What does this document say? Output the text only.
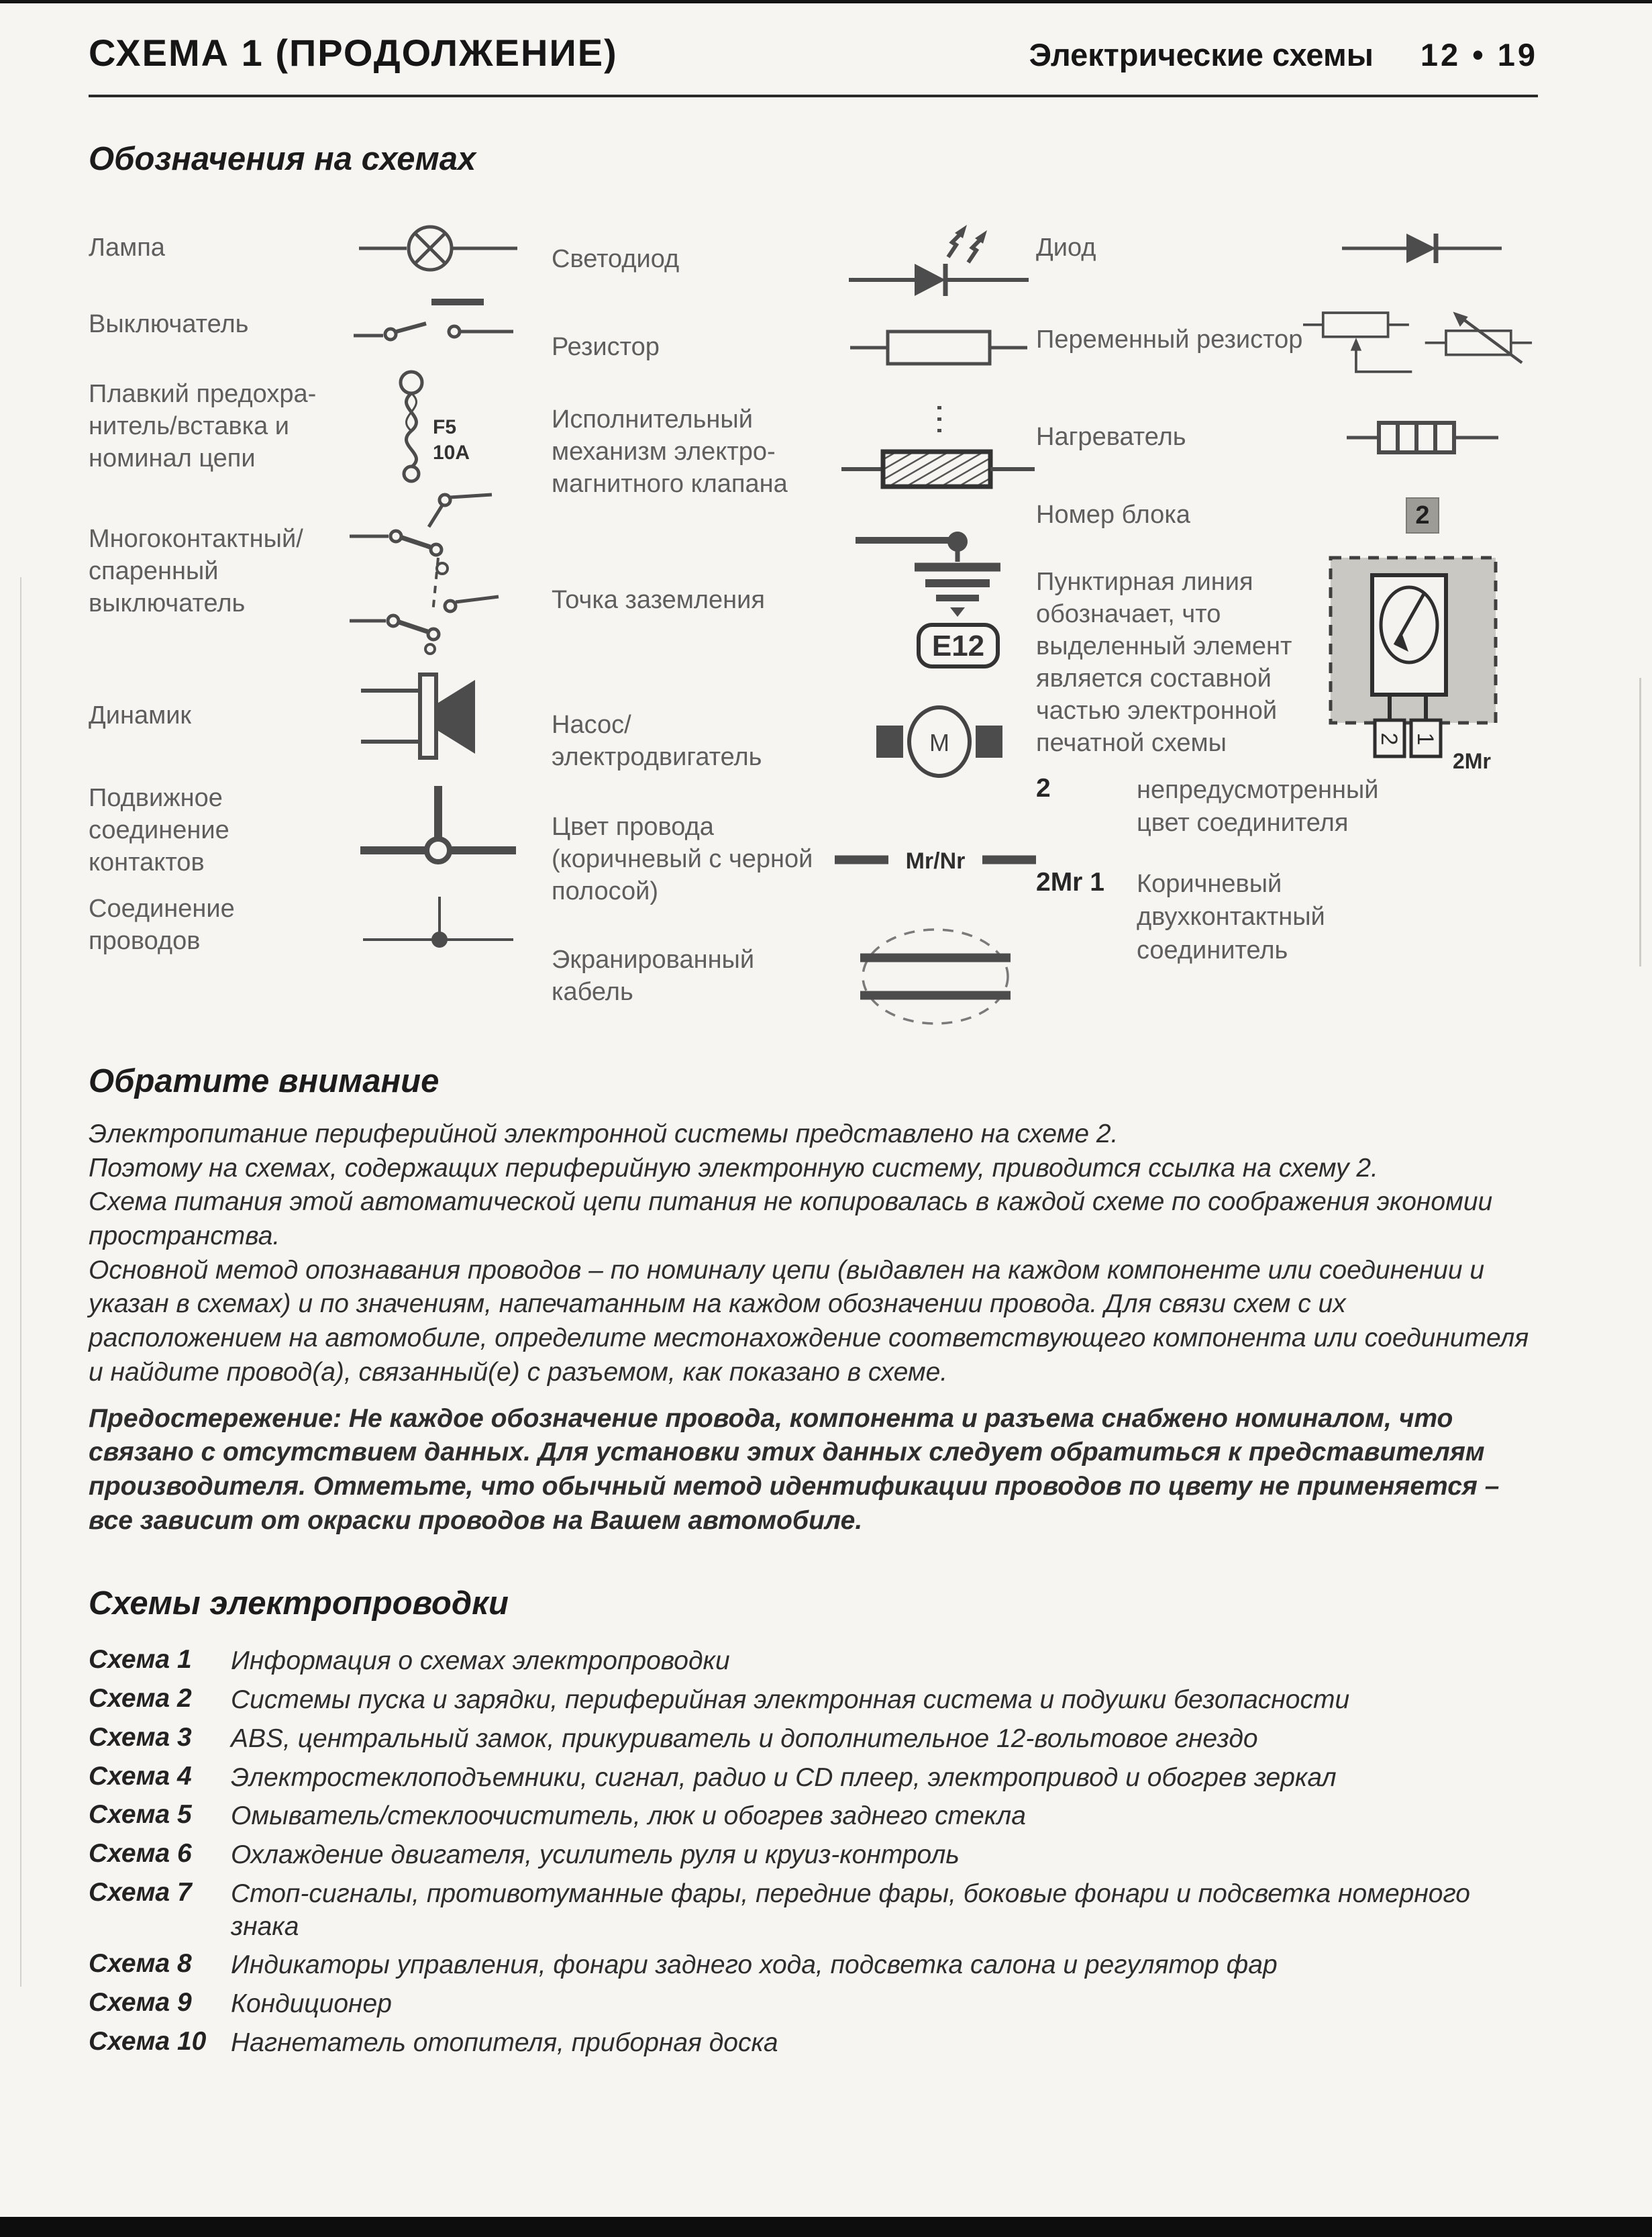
СХЕМА 1 (ПРОДОЛЖЕНИЕ)	Электрические схемы 12 • 19
Обозначения на схемах
Лампа
Выключатель
Плавкий предохра-нитель/вставка и номинал цепи
F5
10A
Многоконтактный/ спаренный выключатель
Динамик
Подвижное соединение контактов
Соединение проводов
Светодиод
Резистор
Исполнительный механизм электро-магнитного клапана
Точка заземления
E12
Насос/ электродвигатель
M
Цвет провода (коричневый с черной полосой)
Mr/Nr
Экранированный кабель
Диод
Переменный резистор
Нагреватель
Номер блока	2
Пунктирная линия обозначает, что выделенный элемент является составной частью электронной печатной схемы	2 1
2Mr
2	непредусмотренный цвет соединителя
2Mr 1	Коричневый двухконтактный соединитель
Обратите внимание

Электропитание периферийной электронной системы представлено на схеме 2.

Поэтому на схемах, содержащих периферийную электронную систему, приводится ссылка на схему 2.

Схема питания этой автоматической цепи питания не копировалась в каждой схеме по соображения экономии пространства.

Основной метод опознавания проводов – по номиналу цепи (выдавлен на каждом компоненте или соединении и указан в схемах) и по значениям, напечатанным на каждом обозначении провода. Для связи схем с их расположением на автомобиле, определите местонахождение соответствующего компонента или соединителя и найдите провод(а), связанный(е) с разъемом, как показано в схеме.

Предостережение: Не каждое обозначение провода, компонента и разъема снабжено номиналом, что связано с отсутствием данных. Для установки этих данных следует обратиться к представителям производителя. Отметьте, что обычный метод идентификации проводов по цвету не применяется – все зависит от окраски проводов на Вашем автомобиле.

Схемы электропроводки
Схема 1	Информация о схемах электропроводки
Схема 2	Системы пуска и зарядки, периферийная электронная система и подушки безопасности
Схема 3	ABS, центральный замок, прикуриватель и дополнительное 12-вольтовое гнездо
Схема 4	Электростеклоподъемники, сигнал, радио и CD плеер, электропривод и обогрев зеркал
Схема 5	Омыватель/стеклоочиститель, люк и обогрев заднего стекла
Схема 6	Охлаждение двигателя, усилитель руля и круиз-контроль
Схема 7	Стоп-сигналы, противотуманные фары, передние фары, боковые фонари и подсветка номерного знака
Схема 8	Индикаторы управления, фонари заднего хода, подсветка салона и регулятор фар
Схема 9	Кондиционер
Схема 10 Нагнетатель отопителя, приборная доска
